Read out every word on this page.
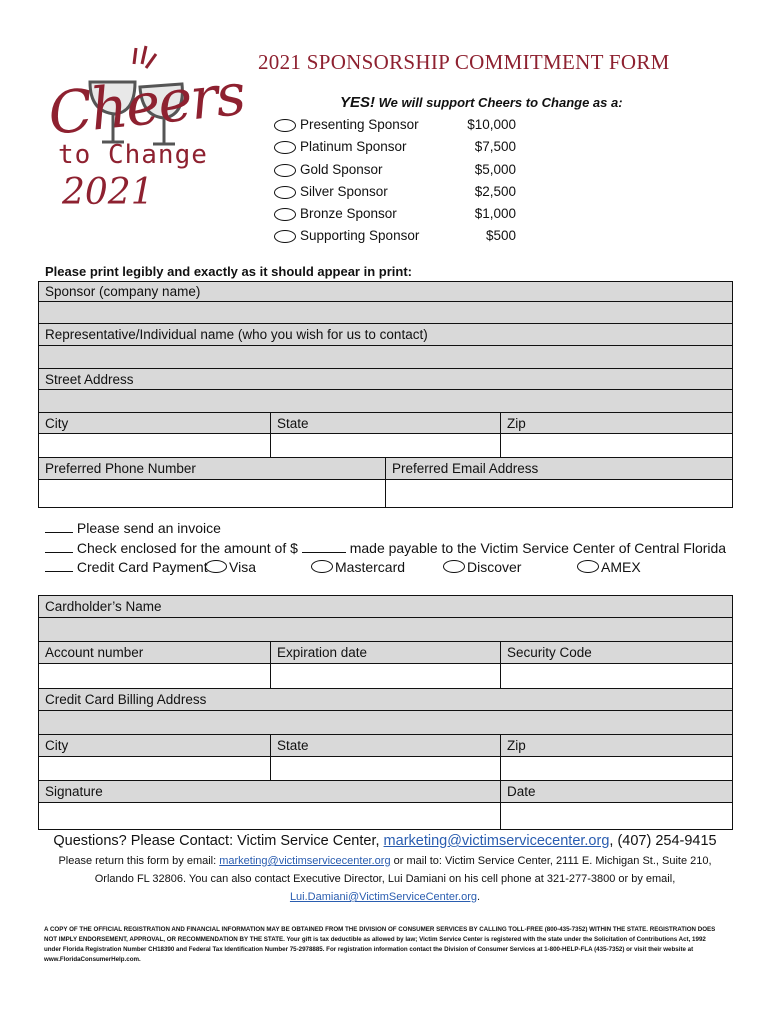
Cheers
to Change
2021
2021 SPONSORSHIP COMMITMENT FORM
YES! We will support Cheers to Change as a:
Presenting Sponsor	$10,000
Platinum Sponsor	$7,500
Gold Sponsor	$5,000
Silver Sponsor	$2,500
Bronze Sponsor	$1,000
Supporting Sponsor	$500
Please print legibly and exactly as it should appear in print:
Sponsor (company name)			

Representative/Individual name (who you wish for us to contact)			

Street Address			

City	State		Zip

Preferred Phone Number		Preferred Email Address	

Please send an invoice
Check enclosed for the amount of $	made payable to the Victim Service Center of Central Florida
Credit Card Payment	Visa	Mastercard	Discover	AMEX
Cardholder’s Name		

Account number	Expiration date	Security Code

Credit Card Billing Address		

City	State	Zip

Signature		Date

Questions? Please Contact: Victim Service Center, marketing@victimservicecenter.org, (407) 254-9415
Please return this form by email: marketing@victimservicecenter.org or mail to: Victim Service Center, 2111 E. Michigan St., Suite 210, Orlando FL 32806. You can also contact Executive Director, Lui Damiani on his cell phone at 321-277-3800 or by email, Lui.Damiani@VictimServiceCenter.org.
A COPY OF THE OFFICIAL REGISTRATION AND FINANCIAL INFORMATION MAY BE OBTAINED FROM THE DIVISION OF CONSUMER SERVICES BY CALLING TOLL-FREE (800-435-7352) WITHIN THE STATE. REGISTRATION DOES NOT IMPLY ENDORSEMENT, APPROVAL, OR RECOMMENDATION BY THE STATE. Your gift is tax deductible as allowed by law; Victim Service Center is registered with the state under the Solicitation of Contributions Act, 1992 under Florida Registration Number CH18390 and Federal Tax Identification Number 75-2978885. For registration information contact the Division of Consumer Services at 1-800-HELP-FLA (435-7352) or visit their website at www.FloridaConsumerHelp.com.
